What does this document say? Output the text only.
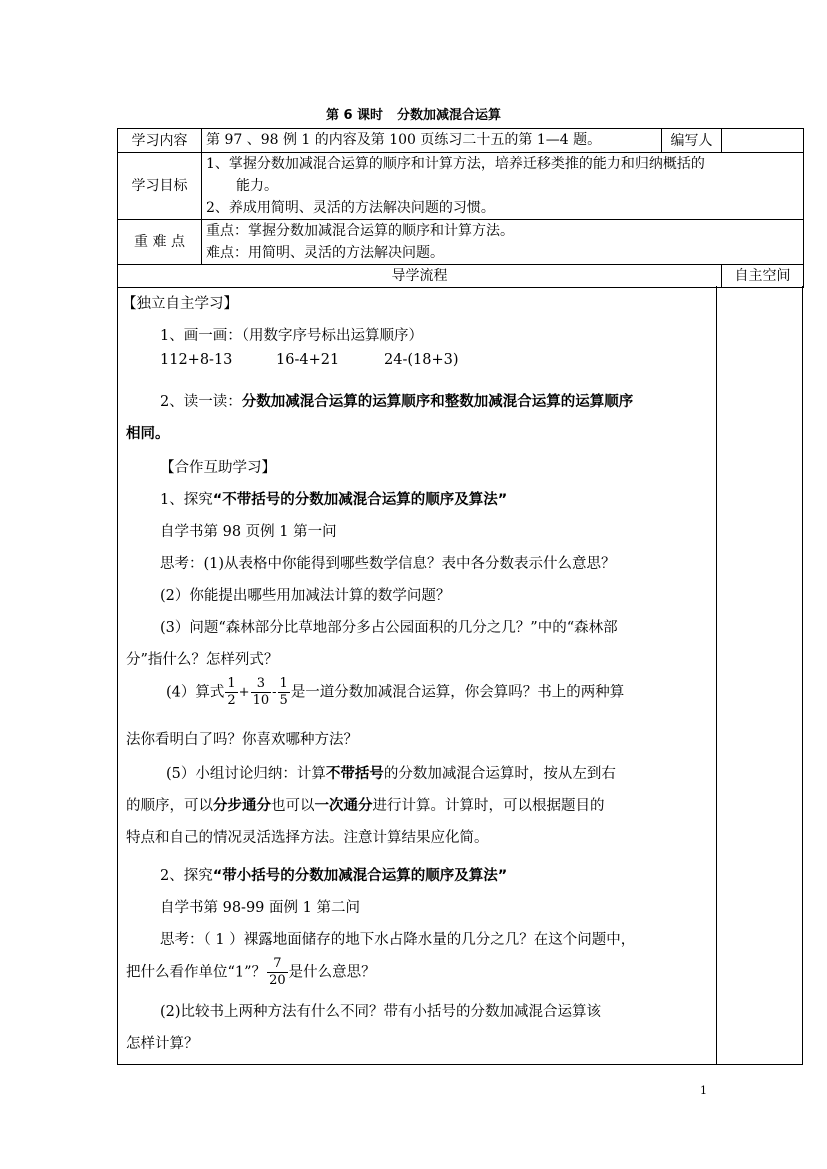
第 6 课时 分数加减混合运算
学习内容	第 97 、98 例 1 的内容及第 100 页练习二十五的第 1—4 题。	编写人	
学习目标	1、掌握分数加减混合运算的顺序和计算方法，培养迁移类推的能力和归纳概括的
能力。
2、养成用简明、灵活的方法解决问题的习惯。		

重 难 点	重点：掌握分数加减混合运算的顺序和计算方法。
难点：用简明、灵活的方法解决问题。		

导学流程			自主空间
【独立自主学习】
1、画一画：（用数字序号标出运算顺序）
112+8-13	16-4+21	24-(18+3)
2、读一读：分数加减混合运算的运算顺序和整数加减混合运算的运算顺序
相同。
【合作互助学习】
1、探究“不带括号的分数加减混合运算的顺序及算法”
自学书第 98 页例 1 第一问
思考：(1)从表格中你能得到哪些数学信息？表中各分数表示什么意思？
(2）你能提出哪些用加减法计算的数学问题？
(3）问题“森林部分比草地部分多占公园面积的几分之几？”中的“森林部
分”指什么？怎样列式？
(4）算式 $\frac{1}{2} + \frac{3}{10} - \frac{1}{5}$ 是一道分数加减混合运算，你会算吗？书上的两种算
法你看明白了吗？你喜欢哪种方法？
(5）小组讨论归纳：计算不带括号的分数加减混合运算时，按从左到右
的顺序，可以分步通分也可以一次通分进行计算。计算时，可以根据题目的
特点和自己的情况灵活选择方法。注意计算结果应化简。
2、探究“带小括号的分数加减混合运算的顺序及算法”
自学书第 98-99 面例 1 第二问
思考：（ 1 ）裸露地面储存的地下水占降水量的几分之几？在这个问题中，
把什么看作单位“1”？ $\frac{7}{20}$ 是什么意思？
(2)比较书上两种方法有什么不同？带有小括号的分数加减混合运算该
怎样计算？
1
